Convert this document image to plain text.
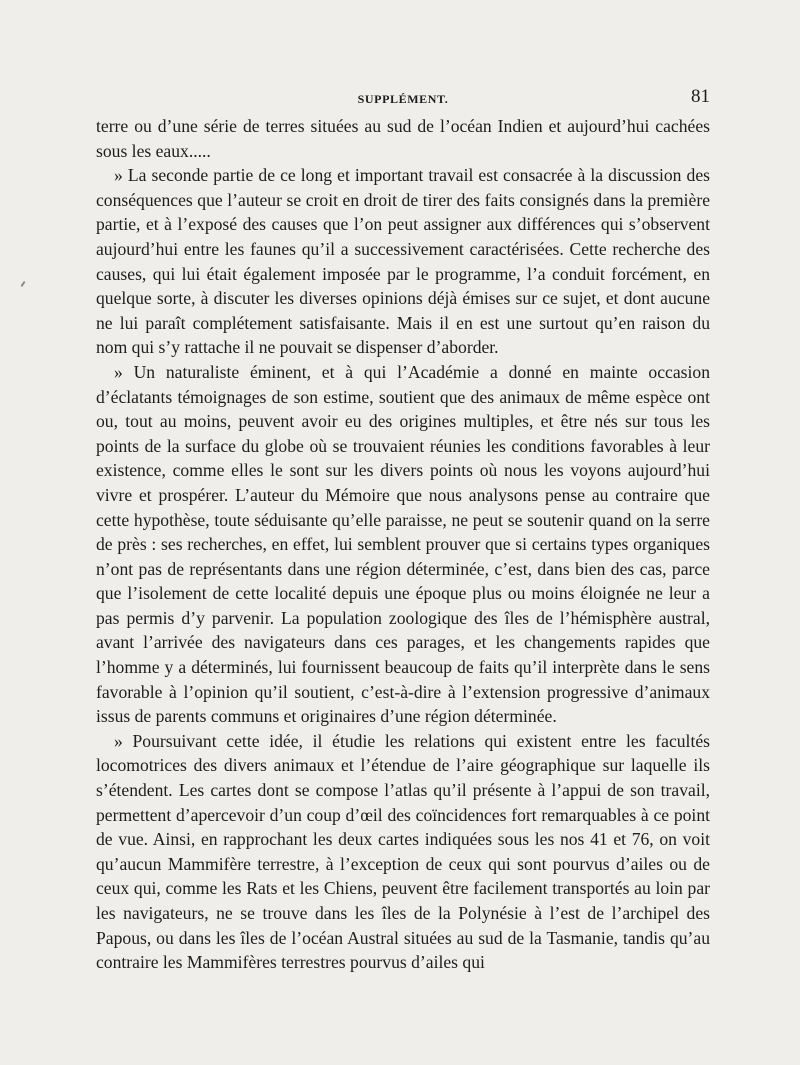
SUPPLÉMENT.	81

terre ou d’une série de terres situées au sud de l’océan Indien et aujourd’hui cachées sous les eaux.....

» La seconde partie de ce long et important travail est consacrée à la discussion des conséquences que l’auteur se croit en droit de tirer des faits consignés dans la première partie, et à l’exposé des causes que l’on peut assigner aux différences qui s’observent aujourd’hui entre les faunes qu’il a successivement caractérisées. Cette recherche des causes, qui lui était également imposée par le programme, l’a conduit forcément, en quelque sorte, à discuter les diverses opinions déjà émises sur ce sujet, et dont aucune ne lui paraît complétement satisfaisante. Mais il en est une surtout qu’en raison du nom qui s’y rattache il ne pouvait se dispenser d’aborder.

» Un naturaliste éminent, et à qui l’Académie a donné en mainte occasion d’éclatants témoignages de son estime, soutient que des animaux de même espèce ont ou, tout au moins, peuvent avoir eu des origines multiples, et être nés sur tous les points de la surface du globe où se trouvaient réunies les conditions favorables à leur existence, comme elles le sont sur les divers points où nous les voyons aujourd’hui vivre et prospérer. L’auteur du Mémoire que nous analysons pense au contraire que cette hypothèse, toute séduisante qu’elle paraisse, ne peut se soutenir quand on la serre de près : ses recherches, en effet, lui semblent prouver que si certains types organiques n’ont pas de représentants dans une région déterminée, c’est, dans bien des cas, parce que l’isolement de cette localité depuis une époque plus ou moins éloignée ne leur a pas permis d’y parvenir. La population zoologique des îles de l’hémisphère austral, avant l’arrivée des navigateurs dans ces parages, et les changements rapides que l’homme y a déterminés, lui fournissent beaucoup de faits qu’il interprète dans le sens favorable à l’opinion qu’il soutient, c’est-à-dire à l’extension progressive d’animaux issus de parents communs et originaires d’une région déterminée.

» Poursuivant cette idée, il étudie les relations qui existent entre les facultés locomotrices des divers animaux et l’étendue de l’aire géographique sur laquelle ils s’étendent. Les cartes dont se compose l’atlas qu’il présente à l’appui de son travail, permettent d’apercevoir d’un coup d’œil des coïncidences fort remarquables à ce point de vue. Ainsi, en rapprochant les deux cartes indiquées sous les nos 41 et 76, on voit qu’aucun Mammifère terrestre, à l’exception de ceux qui sont pourvus d’ailes ou de ceux qui, comme les Rats et les Chiens, peuvent être facilement transportés au loin par les navigateurs, ne se trouve dans les îles de la Polynésie à l’est de l’archipel des Papous, ou dans les îles de l’océan Austral situées au sud de la Tasmanie, tandis qu’au contraire les Mammifères terrestres pourvus d’ailes qui
